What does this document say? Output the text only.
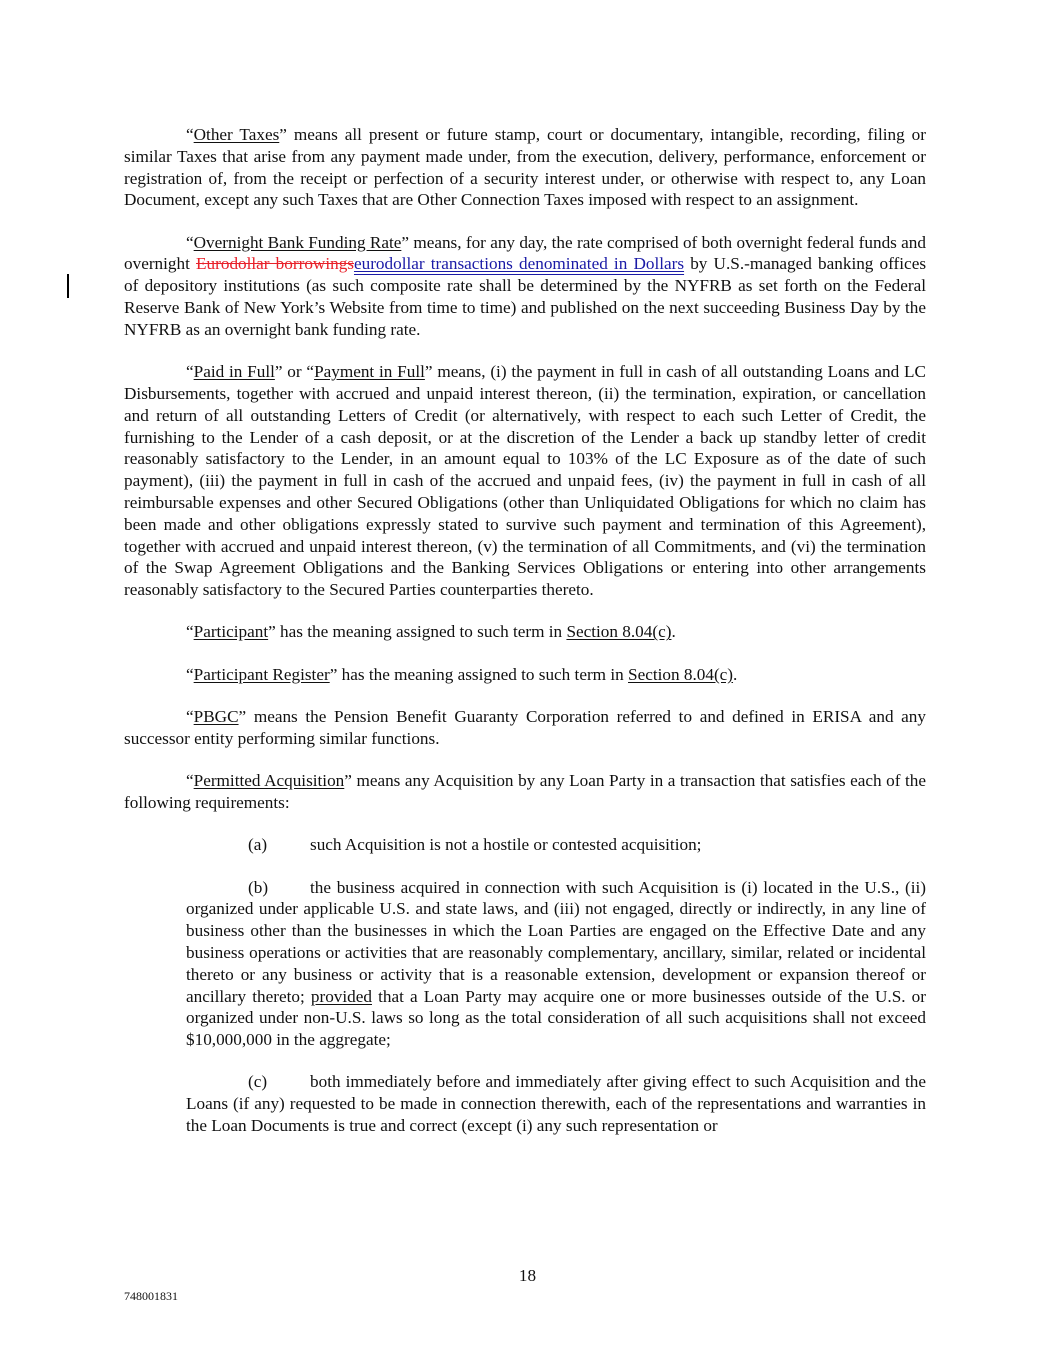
“Other Taxes” means all present or future stamp, court or documentary, intangible, recording, filing or similar Taxes that arise from any payment made under, from the execution, delivery, performance, enforcement or registration of, from the receipt or perfection of a security interest under, or otherwise with respect to, any Loan Document, except any such Taxes that are Other Connection Taxes imposed with respect to an assignment.

“Overnight Bank Funding Rate” means, for any day, the rate comprised of both overnight federal funds and overnight Eurodollar borrowingseurodollar transactions denominated in Dollars by U.S.-managed banking offices of depository institutions (as such composite rate shall be determined by the NYFRB as set forth on the Federal Reserve Bank of New York’s Website from time to time) and published on the next succeeding Business Day by the NYFRB as an overnight bank funding rate.

“Paid in Full” or “Payment in Full” means, (i) the payment in full in cash of all outstanding Loans and LC Disbursements, together with accrued and unpaid interest thereon, (ii) the termination, expiration, or cancellation and return of all outstanding Letters of Credit (or alternatively, with respect to each such Letter of Credit, the furnishing to the Lender of a cash deposit, or at the discretion of the Lender a back up standby letter of credit reasonably satisfactory to the Lender, in an amount equal to 103% of the LC Exposure as of the date of such payment), (iii) the payment in full in cash of the accrued and unpaid fees, (iv) the payment in full in cash of all reimbursable expenses and other Secured Obligations (other than Unliquidated Obligations for which no claim has been made and other obligations expressly stated to survive such payment and termination of this Agreement), together with accrued and unpaid interest thereon, (v) the termination of all Commitments, and (vi) the termination of the Swap Agreement Obligations and the Banking Services Obligations or entering into other arrangements reasonably satisfactory to the Secured Parties counterparties thereto.

“Participant” has the meaning assigned to such term in Section 8.04(c).

“Participant Register” has the meaning assigned to such term in Section 8.04(c).

“PBGC” means the Pension Benefit Guaranty Corporation referred to and defined in ERISA and any successor entity performing similar functions.

“Permitted Acquisition” means any Acquisition by any Loan Party in a transaction that satisfies each of the following requirements:

(a) such Acquisition is not a hostile or contested acquisition;

(b) the business acquired in connection with such Acquisition is (i) located in the U.S., (ii) organized under applicable U.S. and state laws, and (iii) not engaged, directly or indirectly, in any line of business other than the businesses in which the Loan Parties are engaged on the Effective Date and any business operations or activities that are reasonably complementary, ancillary, similar, related or incidental thereto or any business or activity that is a reasonable extension, development or expansion thereof or ancillary thereto; provided that a Loan Party may acquire one or more businesses outside of the U.S. or organized under non-U.S. laws so long as the total consideration of all such acquisitions shall not exceed $10,000,000 in the aggregate;

(c) both immediately before and immediately after giving effect to such Acquisition and the Loans (if any) requested to be made in connection therewith, each of the representations and warranties in the Loan Documents is true and correct (except (i) any such representation or

18
748001831
